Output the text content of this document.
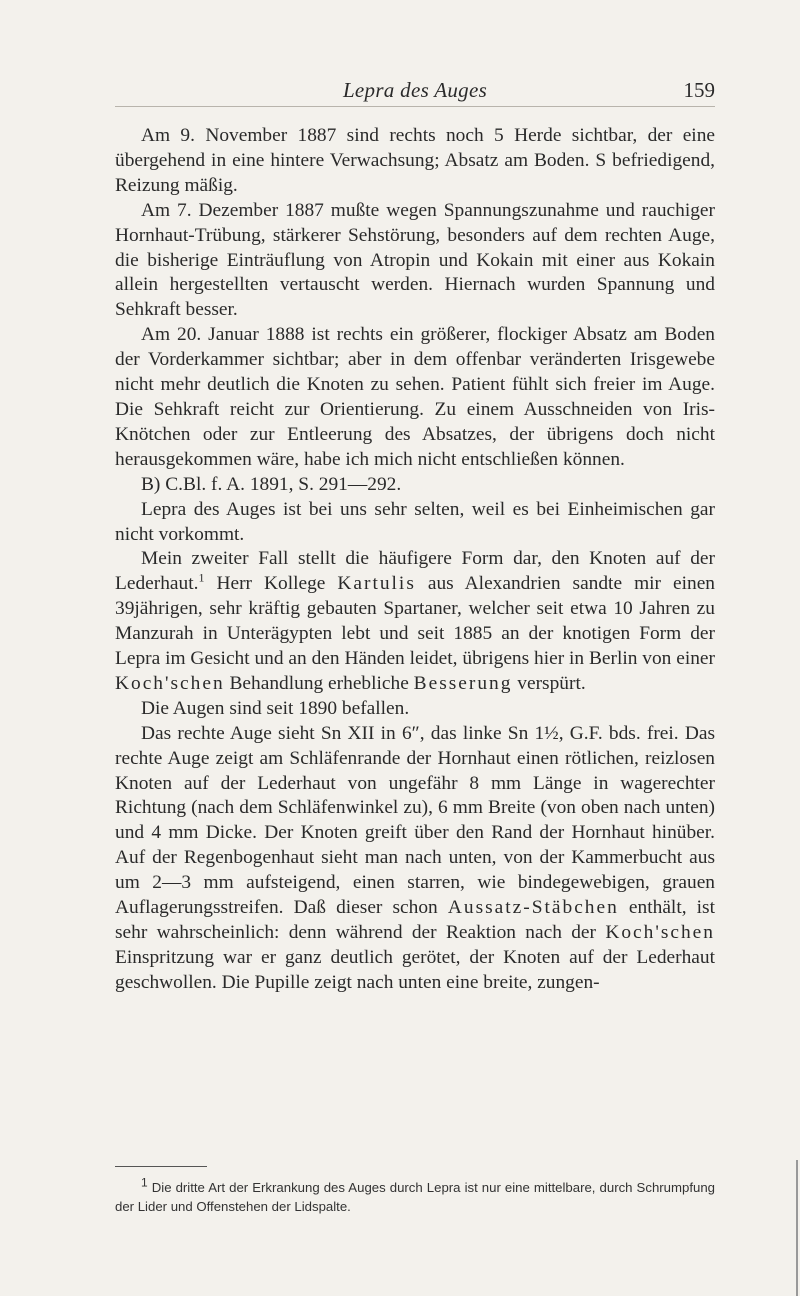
Lepra des Auges	159

Am 9. November 1887 sind rechts noch 5 Herde sichtbar, der eine übergehend in eine hintere Verwachsung; Absatz am Boden. S befriedigend, Reizung mäßig.

Am 7. Dezember 1887 mußte wegen Spannungszunahme und rauchiger Hornhaut-Trübung, stärkerer Sehstörung, besonders auf dem rechten Auge, die bisherige Einträuflung von Atropin und Kokain mit einer aus Kokain allein hergestellten vertauscht werden. Hiernach wurden Spannung und Sehkraft besser.

Am 20. Januar 1888 ist rechts ein größerer, flockiger Absatz am Boden der Vorderkammer sichtbar; aber in dem offenbar veränderten Irisgewebe nicht mehr deutlich die Knoten zu sehen. Patient fühlt sich freier im Auge. Die Sehkraft reicht zur Orientierung. Zu einem Ausschneiden von Iris-Knötchen oder zur Entleerung des Absatzes, der übrigens doch nicht herausgekommen wäre, habe ich mich nicht entschließen können.

B) C.Bl. f. A. 1891, S. 291—292.

Lepra des Auges ist bei uns sehr selten, weil es bei Einheimischen gar nicht vorkommt.

Mein zweiter Fall stellt die häufigere Form dar, den Knoten auf der Lederhaut.$^1$ Herr Kollege Kartulis aus Alexandrien sandte mir einen 39jährigen, sehr kräftig gebauten Spartaner, welcher seit etwa 10 Jahren zu Manzurah in Unterägypten lebt und seit 1885 an der knotigen Form der Lepra im Gesicht und an den Händen leidet, übrigens hier in Berlin von einer Koch'schen Behandlung erhebliche Besserung verspürt.

Die Augen sind seit 1890 befallen.

Das rechte Auge sieht Sn XII in 6″, das linke Sn 1½, G.F. bds. frei. Das rechte Auge zeigt am Schläfenrande der Hornhaut einen rötlichen, reizlosen Knoten auf der Lederhaut von ungefähr 8 mm Länge in wagerechter Richtung (nach dem Schläfenwinkel zu), 6 mm Breite (von oben nach unten) und 4 mm Dicke. Der Knoten greift über den Rand der Hornhaut hinüber. Auf der Regenbogenhaut sieht man nach unten, von der Kammerbucht aus um 2—3 mm aufsteigend, einen starren, wie bindegewebigen, grauen Auflagerungsstreifen. Daß dieser schon Aussatz-Stäbchen enthält, ist sehr wahrscheinlich: denn während der Reaktion nach der Koch'schen Einspritzung war er ganz deutlich gerötet, der Knoten auf der Lederhaut geschwollen. Die Pupille zeigt nach unten eine breite, zungen-

$^1$ Die dritte Art der Erkrankung des Auges durch Lepra ist nur eine mittelbare, durch Schrumpfung der Lider und Offenstehen der Lidspalte.
